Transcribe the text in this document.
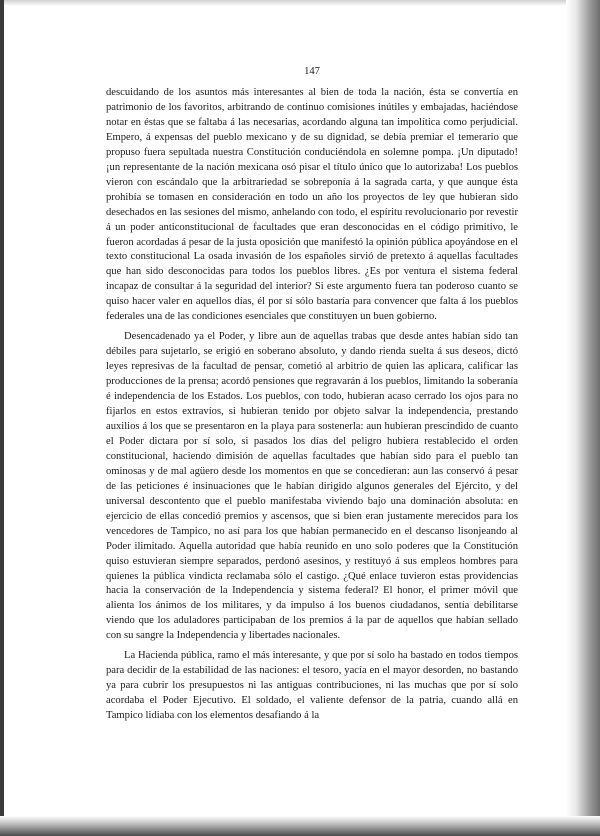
147

descuidando de los asuntos más interesantes al bien de toda la nación, ésta se convertía en patrimonio de los favoritos, arbitrando de continuo comisiones inútiles y embajadas, haciéndose notar en éstas que se faltaba á las necesarias, acordando alguna tan impolítica como perjudicial. Empero, á expensas del pueblo mexicano y de su dignidad, se debía premiar el temerario que propuso fuera sepultada nuestra Constitución conduciéndola en solemne pompa. ¡Un diputado! ¡un representante de la nación mexicana osó pisar el título único que lo autorizaba! Los pueblos vieron con escándalo que la arbitrariedad se sobreponía á la sagrada carta, y que aunque ésta prohibía se tomasen en consideración en todo un año los proyectos de ley que hubieran sido desechados en las sesiones del mismo, anhelando con todo, el espíritu revolucionario por revestir á un poder anticonstitucional de facultades que eran desconocidas en el código primitivo, le fueron acordadas á pesar de la justa oposición que manifestó la opinión pública apoyándose en el texto constitucional La osada invasión de los españoles sirvió de pretexto á aquellas facultades que han sido desconocidas para todos los pueblos libres. ¿Es por ventura el sistema federal incapaz de consultar á la seguridad del interior? Si este argumento fuera tan poderoso cuanto se quiso hacer valer en aquellos días, él por sí sólo bastaría para convencer que falta á los pueblos federales una de las condiciones esenciales que constituyen un buen gobierno.

Desencadenado ya el Poder, y libre aun de aquellas trabas que desde antes habían sido tan débiles para sujetarlo, se erigió en soberano absoluto, y dando rienda suelta á sus deseos, dictó leyes represivas de la facultad de pensar, cometió al arbitrio de quien las aplicara, calificar las producciones de la prensa; acordó pensiones que regravarán á los pueblos, limitando la soberanía é independencia de los Estados. Los pueblos, con todo, hubieran acaso cerrado los ojos para no fijarlos en estos extravíos, si hubieran tenido por objeto salvar la independencia, prestando auxilios á los que se presentaron en la playa para sostenerla: aun hubieran prescindido de cuanto el Poder dictara por sí solo, si pasados los días del peligro hubiera restablecido el orden constitucional, haciendo dimisión de aquellas facultades que habían sido para el pueblo tan ominosas y de mal agüero desde los momentos en que se concedieran: aun las conservó á pesar de las peticiones é insinuaciones que le habían dirigido algunos generales del Ejército, y del universal descontento que el pueblo manifestaba viviendo bajo una dominación absoluta: en ejercicio de ellas concedió premios y ascensos, que si bien eran justamente merecidos para los vencedores de Tampico, no así para los que habían permanecido en el descanso lisonjeando al Poder ilimitado. Aquella autoridad que había reunido en uno solo poderes que la Constitución quiso estuvieran siempre separados, perdonó asesinos, y restituyó á sus empleos hombres para quienes la pública vindicta reclamaba sólo el castigo. ¿Qué enlace tuvieron estas providencias hacia la conservación de la Independencia y sistema federal? El honor, el primer móvil que alienta los ánimos de los militares, y da impulso á los buenos ciudadanos, sentía debilitarse viendo que los aduladores participaban de los premios á la par de aquellos que habían sellado con su sangre la Independencia y libertades nacionales.

La Hacienda pública, ramo el más interesante, y que por sí solo ha bastado en todos tiempos para decidir de la estabilidad de las naciones: el tesoro, yacía en el mayor desorden, no bastando ya para cubrir los presupuestos ni las antiguas contribuciones, ni las muchas que por sí solo acordaba el Poder Ejecutivo. El soldado, el valiente defensor de la patria, cuando allá en Tampico lidiaba con los elementos desafiando á la
